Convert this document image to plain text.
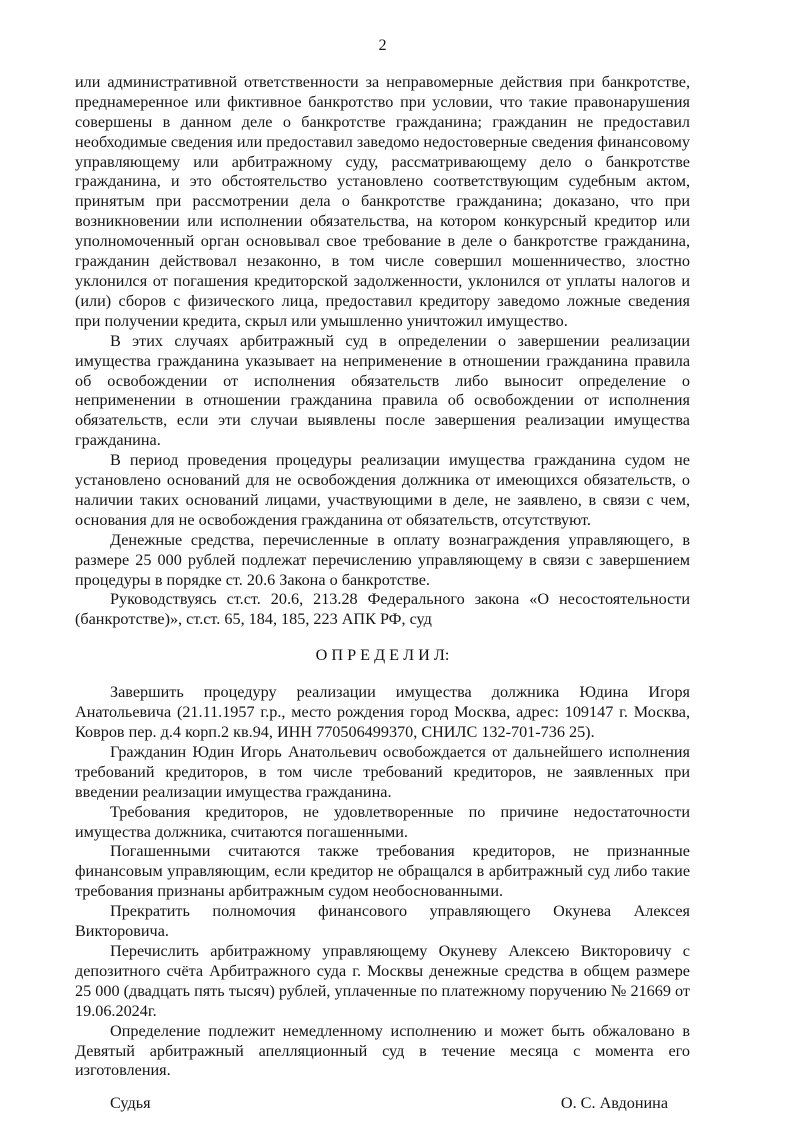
2

или административной ответственности за неправомерные действия при банкротстве, преднамеренное или фиктивное банкротство при условии, что такие правонарушения совершены в данном деле о банкротстве гражданина; гражданин не предоставил необходимые сведения или предоставил заведомо недостоверные сведения финансовому управляющему или арбитражному суду, рассматривающему дело о банкротстве гражданина, и это обстоятельство установлено соответствующим судебным актом, принятым при рассмотрении дела о банкротстве гражданина; доказано, что при возникновении или исполнении обязательства, на котором конкурсный кредитор или уполномоченный орган основывал свое требование в деле о банкротстве гражданина, гражданин действовал незаконно, в том числе совершил мошенничество, злостно уклонился от погашения кредиторской задолженности, уклонился от уплаты налогов и (или) сборов с физического лица, предоставил кредитору заведомо ложные сведения при получении кредита, скрыл или умышленно уничтожил имущество.

В этих случаях арбитражный суд в определении о завершении реализации имущества гражданина указывает на неприменение в отношении гражданина правила об освобождении от исполнения обязательств либо выносит определение о неприменении в отношении гражданина правила об освобождении от исполнения обязательств, если эти случаи выявлены после завершения реализации имущества гражданина.

В период проведения процедуры реализации имущества гражданина судом не установлено оснований для не освобождения должника от имеющихся обязательств, о наличии таких оснований лицами, участвующими в деле, не заявлено, в связи с чем, основания для не освобождения гражданина от обязательств, отсутствуют.

Денежные средства, перечисленные в оплату вознаграждения управляющего, в размере 25 000 рублей подлежат перечислению управляющему в связи с завершением процедуры в порядке ст. 20.6 Закона о банкротстве.

Руководствуясь ст.ст. 20.6, 213.28 Федерального закона «О несостоятельности (банкротстве)», ст.ст. 65, 184, 185, 223 АПК РФ, суд

О П Р Е Д Е Л И Л:

Завершить процедуру реализации имущества должника Юдина Игоря Анатольевича (21.11.1957 г.р., место рождения город Москва, адрес: 109147 г. Москва, Ковров пер. д.4 корп.2 кв.94, ИНН 770506499370, СНИЛС 132-701-736 25).

Гражданин Юдин Игорь Анатольевич освобождается от дальнейшего исполнения требований кредиторов, в том числе требований кредиторов, не заявленных при введении реализации имущества гражданина.

Требования кредиторов, не удовлетворенные по причине недостаточности имущества должника, считаются погашенными.

Погашенными считаются также требования кредиторов, не признанные финансовым управляющим, если кредитор не обращался в арбитражный суд либо такие требования признаны арбитражным судом необоснованными.

Прекратить полномочия финансового управляющего Окунева Алексея Викторовича.

Перечислить арбитражному управляющему Окуневу Алексею Викторовичу с депозитного счёта Арбитражного суда г. Москвы денежные средства в общем размере 25 000 (двадцать пять тысяч) рублей, уплаченные по платежному поручению № 21669 от 19.06.2024г.

Определение подлежит немедленному исполнению и может быть обжаловано в Девятый арбитражный апелляционный суд в течение месяца с момента его изготовления.

Судья	О. С. Авдонина
